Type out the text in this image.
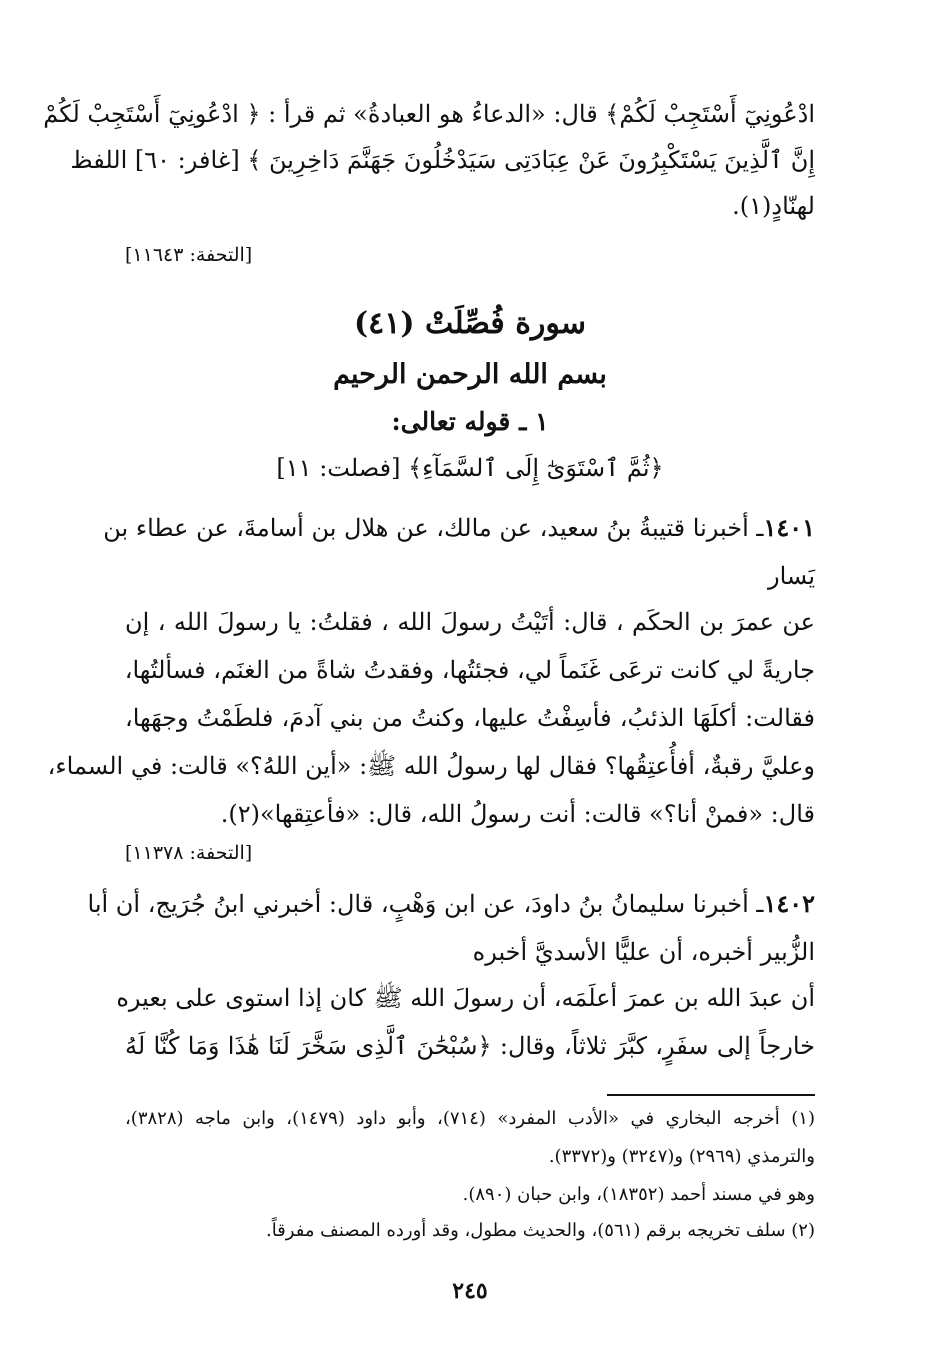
ادْعُونِيٓ أَسْتَجِبْ لَكُمْ﴾ قال: «الدعاءُ هو العبادةُ» ثم قرأ : ﴿ ادْعُونِيٓ أَسْتَجِبْ لَكُمْ
إِنَّ ٱلَّذِينَ يَسْتَكْبِرُونَ عَنْ عِبَادَتِى سَيَدْخُلُونَ جَهَنَّمَ دَاخِرِينَ ﴾ [غافر: ٦٠] اللفظ
لهنّادٍ(١).
[التحفة: ١١٦٤٣]
سورة فُصِّلَتْ (٤١)
بسم الله الرحمن الرحيم
١ ـ قوله تعالى:
﴿ثُمَّ ٱسْتَوَىٰٓ إِلَى ٱلسَّمَآءِ﴾ [فصلت: ١١]
١٤٠١ـ أخبرنا قتيبةُ بنُ سعيد، عن مالك، عن هلال بن أسامةَ، عن عطاء بن
يَسار
عن عمرَ بن الحكَم ، قال: أتَيْتُ رسولَ الله ، فقلتُ: يا رسولَ الله ، إن
جاريةً لي كانت ترعَى غَنَماً لي، فجئتُها، وفقدتُ شاةً من الغنَم، فسألتُها،
فقالت: أكلَهَا الذئبُ، فأسِفْتُ عليها، وكنتُ من بني آدمَ، فلطَمْتُ وجهَها،
وعليَّ رقبةٌ، أفأُعتِقُها؟ فقال لها رسولُ الله ﷺ: «أين اللهُ؟» قالت: في السماء،
قال: «فمنْ أنا؟» قالت: أنت رسولُ الله، قال: «فأعتِقها»(٢).
[التحفة: ١١٣٧٨]
١٤٠٢ـ أخبرنا سليمانُ بنُ داودَ، عن ابن وَهْبٍ، قال: أخبرني ابنُ جُرَيج، أن أبا
الزُّبير أخبره، أن عليًّا الأسديَّ أخبره
أن عبدَ الله بن عمرَ أعلَمَه، أن رسولَ الله ﷺ كان إذا استوى على بعيره
خارجاً إلى سفَرٍ، كبَّرَ ثلاثاً، وقال: ﴿سُبْحَٰنَ ٱلَّذِى سَخَّرَ لَنَا هَٰذَا وَمَا كُنَّا لَهُ
(١) أخرجه البخاري في «الأدب المفرد» (٧١٤)، وأبو داود (١٤٧٩)، وابن ماجه (٣٨٢٨)،
والترمذي (٢٩٦٩) و(٣٢٤٧) و(٣٣٧٢).
وهو في مسند أحمد (١٨٣٥٢)، وابن حبان (٨٩٠).
(٢) سلف تخريجه برقم (٥٦١)، والحديث مطول، وقد أورده المصنف مفرقاً.
٢٤٥
